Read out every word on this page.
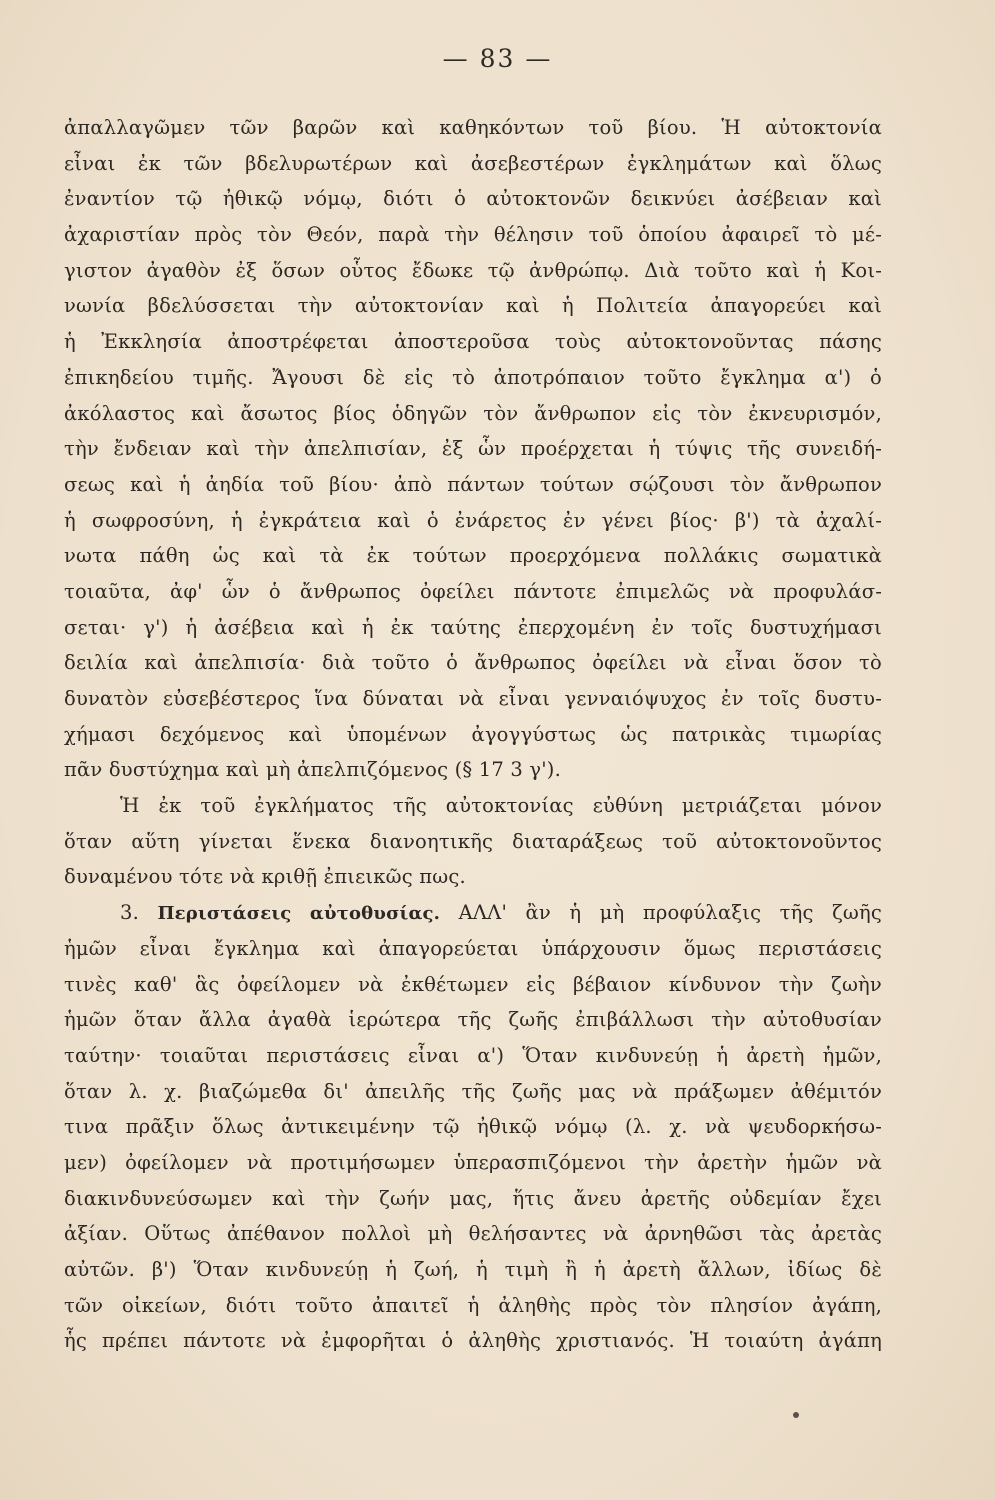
— 83 —
ἀπαλλαγῶμεν τῶν βαρῶν καὶ καθηκόντων τοῦ βίου. Ἡ αὐτοκτονία
εἶναι ἐκ τῶν βδελυρωτέρων καὶ ἀσεβεστέρων ἐγκλημάτων καὶ ὅλως
ἐναντίον τῷ ἠθικῷ νόμῳ, διότι ὁ αὐτοκτονῶν δεικνύει ἀσέβειαν καὶ
ἀχαριστίαν πρὸς τὸν Θεόν, παρὰ τὴν θέλησιν τοῦ ὁποίου ἀφαιρεῖ τὸ μέ-
γιστον ἀγαθὸν ἐξ ὅσων οὗτος ἔδωκε τῷ ἀνθρώπῳ. Διὰ τοῦτο καὶ ἡ Κοι-
νωνία βδελύσσεται τὴν αὐτοκτονίαν καὶ ἡ Πολιτεία ἀπαγορεύει καὶ
ἡ Ἐκκλησία ἀποστρέφεται ἀποστεροῦσα τοὺς αὐτοκτονοῦντας πάσης
ἐπικηδείου τιμῆς. Ἄγουσι δὲ εἰς τὸ ἀποτρόπαιον τοῦτο ἔγκλημα α') ὁ
ἀκόλαστος καὶ ἄσωτος βίος ὁδηγῶν τὸν ἄνθρωπον εἰς τὸν ἐκνευρισμόν,
τὴν ἔνδειαν καὶ τὴν ἀπελπισίαν, ἐξ ὧν προέρχεται ἡ τύψις τῆς συνειδή-
σεως καὶ ἡ ἀηδία τοῦ βίου· ἀπὸ πάντων τούτων σῴζουσι τὸν ἄνθρωπον
ἡ σωφροσύνη, ἡ ἐγκράτεια καὶ ὁ ἐνάρετος ἐν γένει βίος· β') τὰ ἀχαλί-
νωτα πάθη ὡς καὶ τὰ ἐκ τούτων προερχόμενα πολλάκις σωματικὰ
τοιαῦτα, ἀφ' ὧν ὁ ἄνθρωπος ὀφείλει πάντοτε ἐπιμελῶς νὰ προφυλάσ-
σεται· γ') ἡ ἀσέβεια καὶ ἡ ἐκ ταύτης ἐπερχομένη ἐν τοῖς δυστυχήμασι
δειλία καὶ ἀπελπισία· διὰ τοῦτο ὁ ἄνθρωπος ὀφείλει νὰ εἶναι ὅσον τὸ
δυνατὸν εὐσεβέστερος ἵνα δύναται νὰ εἶναι γενναιόψυχος ἐν τοῖς δυστυ-
χήμασι δεχόμενος καὶ ὑπομένων ἀγογγύστως ὡς πατρικὰς τιμωρίας
πᾶν δυστύχημα καὶ μὴ ἀπελπιζόμενος (§ 17 3 γ').
Ἡ ἐκ τοῦ ἐγκλήματος τῆς αὐτοκτονίας εὐθύνη μετριάζεται μόνον
ὅταν αὕτη γίνεται ἕνεκα διανοητικῆς διαταράξεως τοῦ αὐτοκτονοῦντος
δυναμένου τότε νὰ κριθῇ ἐπιεικῶς πως.
3. Περιστάσεις αὐτοθυσίας. ΑΛΛ' ἂν ἡ μὴ προφύλαξις τῆς ζωῆς
ἡμῶν εἶναι ἔγκλημα καὶ ἀπαγορεύεται ὑπάρχουσιν ὅμως περιστάσεις
τινὲς καθ' ἃς ὀφείλομεν νὰ ἐκθέτωμεν εἰς βέβαιον κίνδυνον τὴν ζωὴν
ἡμῶν ὅταν ἄλλα ἀγαθὰ ἱερώτερα τῆς ζωῆς ἐπιβάλλωσι τὴν αὐτοθυσίαν
ταύτην· τοιαῦται περιστάσεις εἶναι α') Ὅταν κινδυνεύῃ ἡ ἀρετὴ ἡμῶν,
ὅταν λ. χ. βιαζώμεθα δι' ἀπειλῆς τῆς ζωῆς μας νὰ πράξωμεν ἀθέμιτόν
τινα πρᾶξιν ὅλως ἀντικειμένην τῷ ἠθικῷ νόμῳ (λ. χ. νὰ ψευδορκήσω-
μεν) ὀφείλομεν νὰ προτιμήσωμεν ὑπερασπιζόμενοι τὴν ἀρετὴν ἡμῶν νὰ
διακινδυνεύσωμεν καὶ τὴν ζωήν μας, ἥτις ἄνευ ἀρετῆς οὐδεμίαν ἔχει
ἀξίαν. Οὕτως ἀπέθανον πολλοὶ μὴ θελήσαντες νὰ ἀρνηθῶσι τὰς ἀρετὰς
αὐτῶν. β') Ὅταν κινδυνεύῃ ἡ ζωή, ἡ τιμὴ ἢ ἡ ἀρετὴ ἄλλων, ἰδίως δὲ
τῶν οἰκείων, διότι τοῦτο ἀπαιτεῖ ἡ ἀληθὴς πρὸς τὸν πλησίον ἀγάπη,
ἧς πρέπει πάντοτε νὰ ἐμφορῆται ὁ ἀληθὴς χριστιανός. Ἡ τοιαύτη ἀγάπη
